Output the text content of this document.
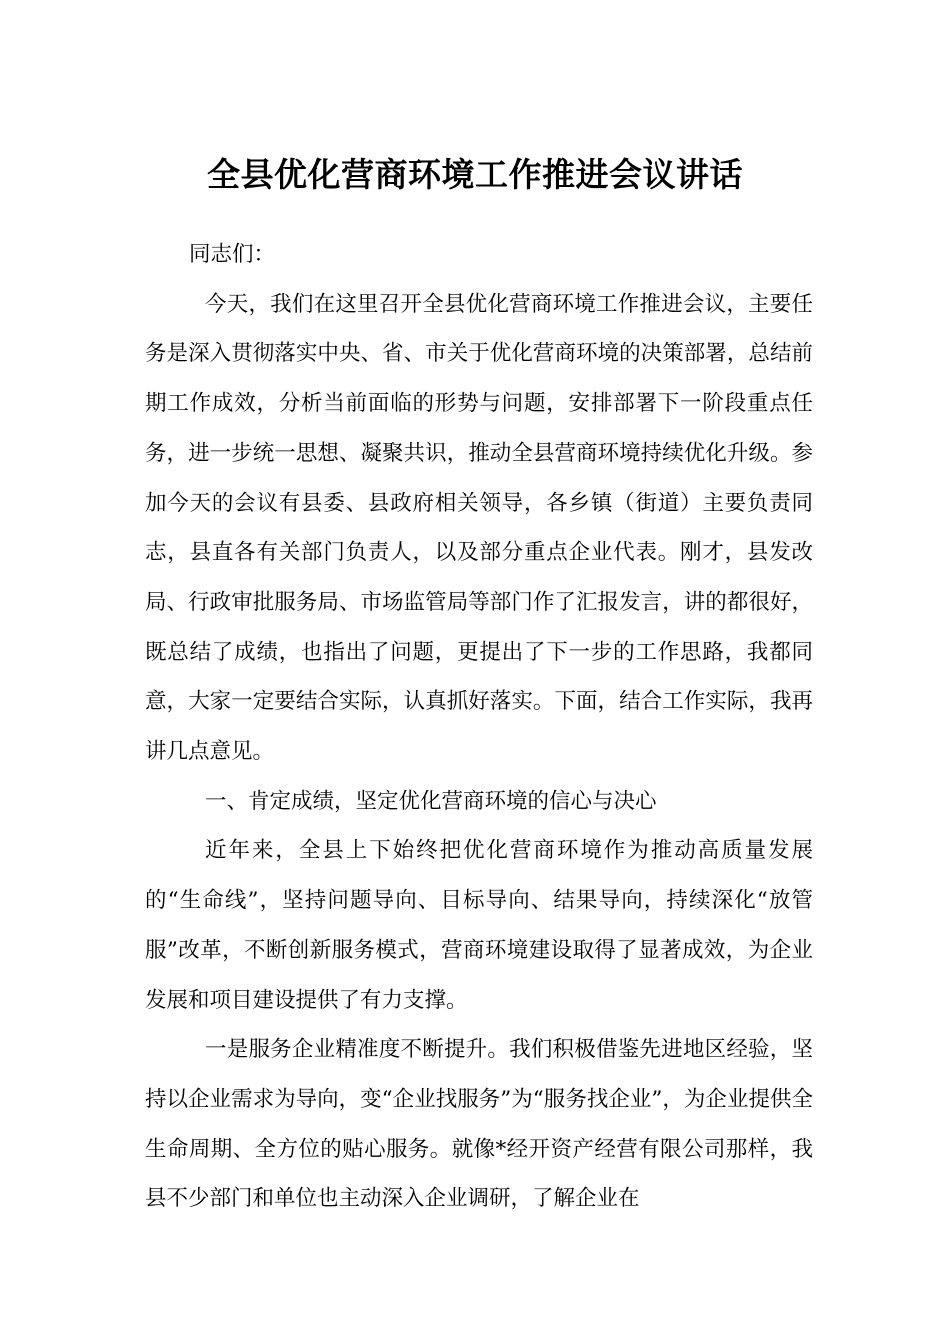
全县优化营商环境工作推进会议讲话

同志们：

今天，我们在这里召开全县优化营商环境工作推进会议，主要任务是深入贯彻落实中央、省、市关于优化营商环境的决策部署，总结前期工作成效，分析当前面临的形势与问题，安排部署下一阶段重点任务，进一步统一思想、凝聚共识，推动全县营商环境持续优化升级。参加今天的会议有县委、县政府相关领导，各乡镇（街道）主要负责同志，县直各有关部门负责人，以及部分重点企业代表。刚才，县发改局、行政审批服务局、市场监管局等部门作了汇报发言，讲的都很好，既总结了成绩，也指出了问题，更提出了下一步的工作思路，我都同意，大家一定要结合实际，认真抓好落实。下面，结合工作实际，我再讲几点意见。

一、肯定成绩，坚定优化营商环境的信心与决心

近年来，全县上下始终把优化营商环境作为推动高质量发展的“生命线”，坚持问题导向、目标导向、结果导向，持续深化“放管服”改革，不断创新服务模式，营商环境建设取得了显著成效，为企业发展和项目建设提供了有力支撑。

一是服务企业精准度不断提升。我们积极借鉴先进地区经验，坚持以企业需求为导向，变“企业找服务”为“服务找企业”，为企业提供全生命周期、全方位的贴心服务。就像*经开资产经营有限公司那样，我县不少部门和单位也主动深入企业调研，了解企业在
